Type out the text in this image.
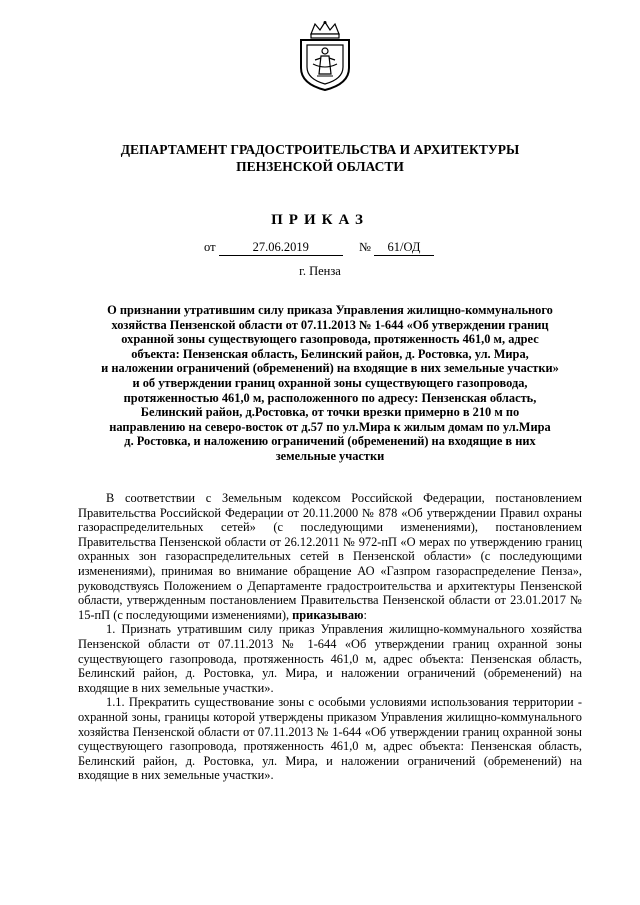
ДЕПАРТАМЕНТ ГРАДОСТРОИТЕЛЬСТВА И АРХИТЕКТУРЫ
ПЕНЗЕНСКОЙ ОБЛАСТИ
ПРИКАЗ
от	27.06.2019	№ 61/ОД
г. Пенза
О признании утратившим силу приказа Управления жилищно-коммунального
хозяйства Пензенской области от 07.11.2013 № 1-644 «Об утверждении границ
охранной зоны существующего газопровода, протяженность 461,0 м, адрес
объекта: Пензенская область, Белинский район, д. Ростовка, ул. Мира,
и наложении ограничений (обременений) на входящие в них земельные участки»
и об утверждении границ охранной зоны существующего газопровода,
протяженностью 461,0 м, расположенного по адресу: Пензенская область,
Белинский район, д.Ростовка, от точки врезки примерно в 210 м по
направлению на северо-восток от д.57 по ул.Мира к жилым домам по ул.Мира
д. Ростовка, и наложению ограничений (обременений) на входящие в них
земельные участки

В соответствии с Земельным кодексом Российской Федерации, постановлением Правительства Российской Федерации от 20.11.2000 № 878 «Об утверждении Правил охраны газораспределительных сетей» (с последующими изменениями), постановлением Правительства Пензенской области от 26.12.2011 № 972-пП «О мерах по утверждению границ охранных зон газораспределительных сетей в Пензенской области» (с последующими изменениями), принимая во внимание обращение АО «Газпром газораспределение Пенза», руководствуясь Положением о Департаменте градостроительства и архитектуры Пензенской области, утвержденным постановлением Правительства Пензенской области от 23.01.2017 № 15-пП (с последующими изменениями), приказываю:

1. Признать утратившим силу приказ Управления жилищно-коммунального хозяйства Пензенской области от 07.11.2013 № 1-644 «Об утверждении границ охранной зоны существующего газопровода, протяженность 461,0 м, адрес объекта: Пензенская область, Белинский район, д. Ростовка, ул. Мира, и наложении ограничений (обременений) на входящие в них земельные участки».

1.1. Прекратить существование зоны с особыми условиями использования территории - охранной зоны, границы которой утверждены приказом Управления жилищно-коммунального хозяйства Пензенской области от 07.11.2013 № 1-644 «Об утверждении границ охранной зоны существующего газопровода, протяженность 461,0 м, адрес объекта: Пензенская область, Белинский район, д. Ростовка, ул. Мира, и наложении ограничений (обременений) на входящие в них земельные участки».
